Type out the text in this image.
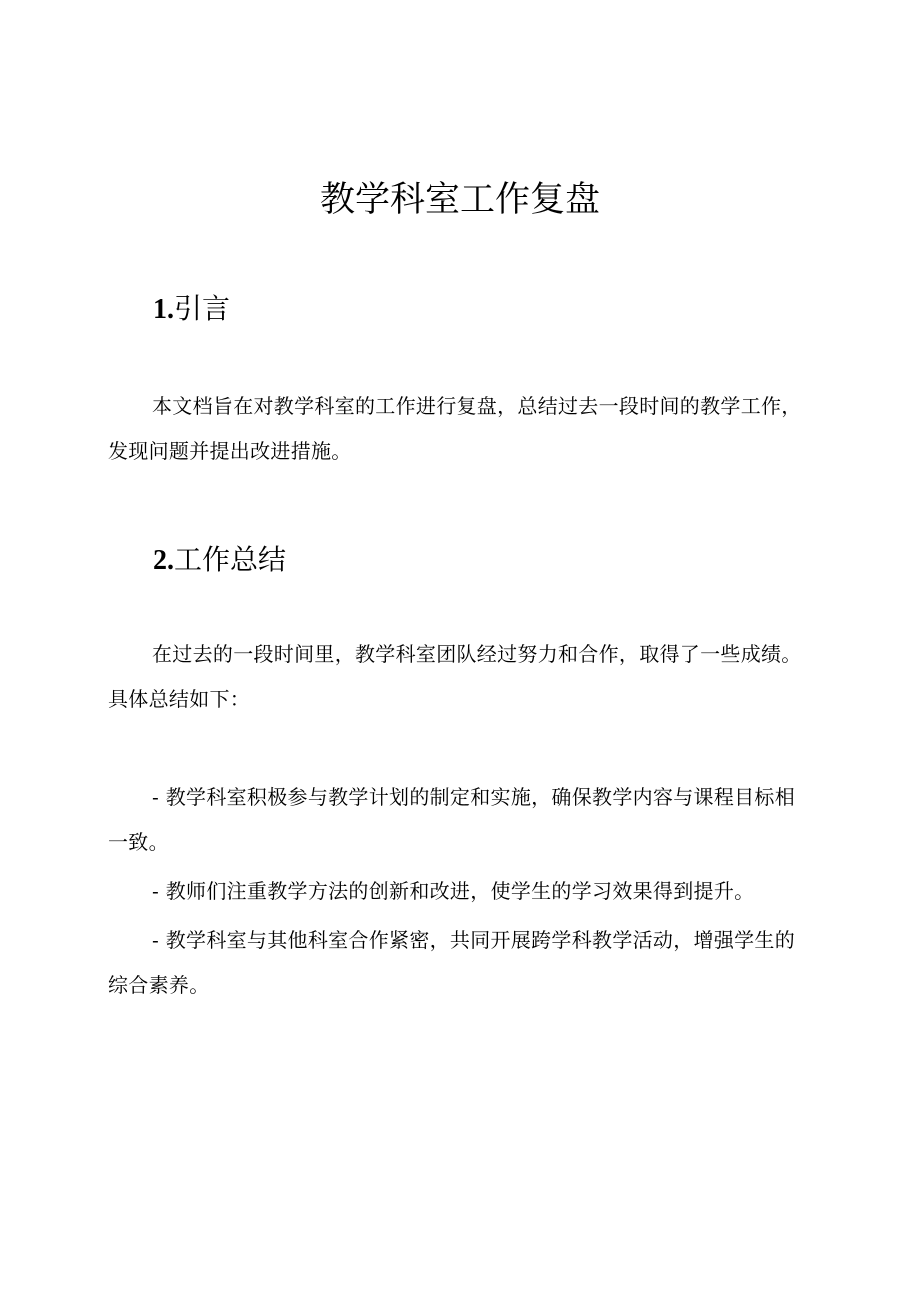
教学科室工作复盘
1.引言

本文档旨在对教学科室的工作进行复盘，总结过去一段时间的教学工作，发现问题并提出改进措施。

2.工作总结

在过去的一段时间里，教学科室团队经过努力和合作，取得了一些成绩。具体总结如下：

- 教学科室积极参与教学计划的制定和实施，确保教学内容与课程目标相一致。

- 教师们注重教学方法的创新和改进，使学生的学习效果得到提升。

- 教学科室与其他科室合作紧密，共同开展跨学科教学活动，增强学生的综合素养。
